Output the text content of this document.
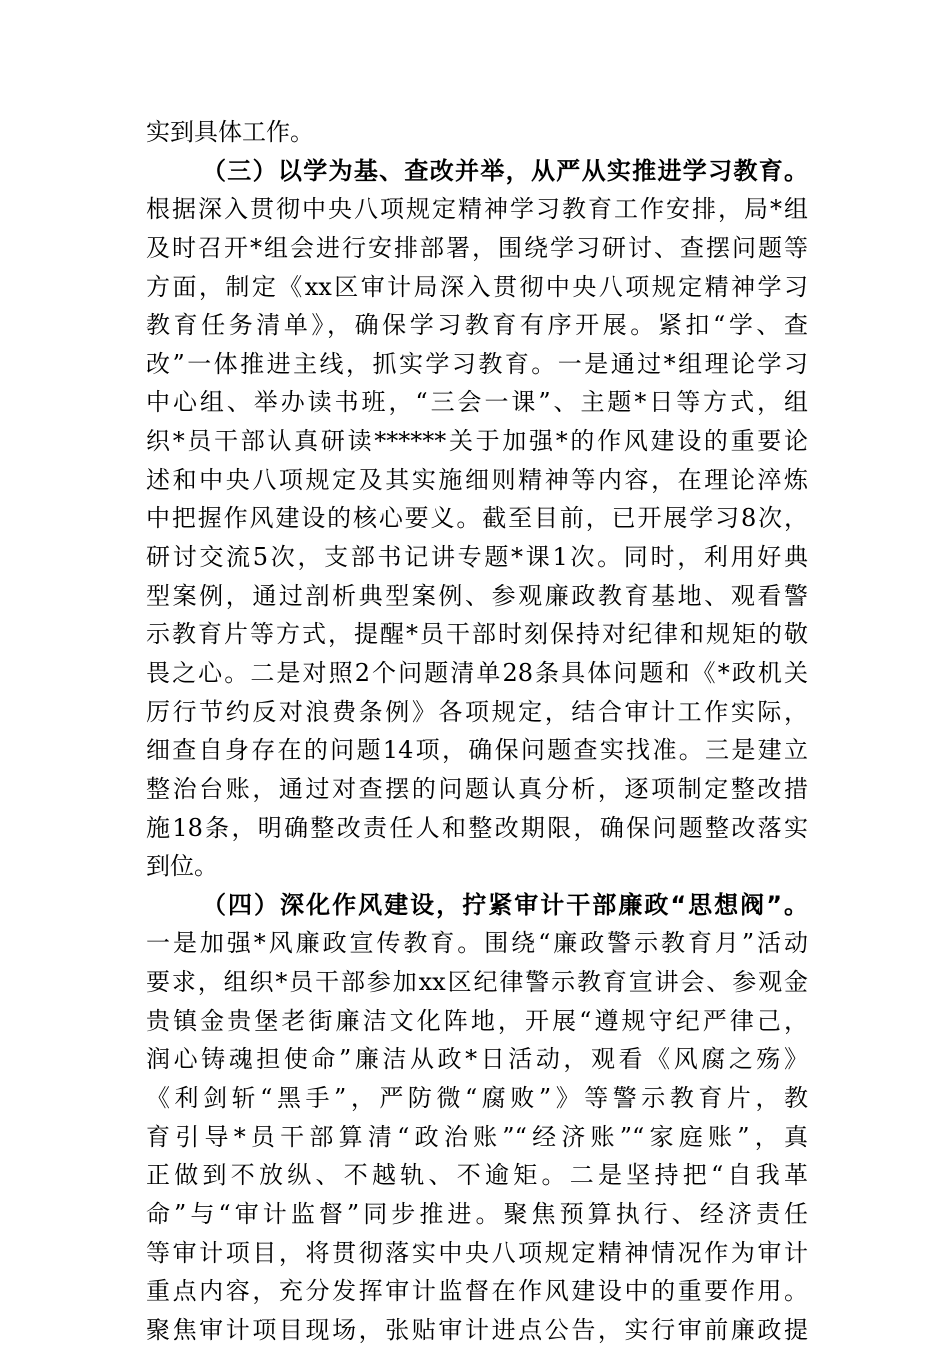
实到具体工作。
（三）以学为基、查改并举，从严从实推进学习教育。
根据深入贯彻中央八项规定精神学习教育工作安排，局*组
及时召开*组会进行安排部署，围绕学习研讨、查摆问题等
方面，制定《xx区审计局深入贯彻中央八项规定精神学习
教育任务清单》，确保学习教育有序开展。紧扣“学、查
改”一体推进主线，抓实学习教育。一是通过*组理论学习
中心组、举办读书班，“三会一课”、主题*日等方式，组
织*员干部认真研读******关于加强*的作风建设的重要论
述和中央八项规定及其实施细则精神等内容，在理论淬炼
中把握作风建设的核心要义。截至目前，已开展学习8次，
研讨交流5次，支部书记讲专题*课1次。同时，利用好典
型案例，通过剖析典型案例、参观廉政教育基地、观看警
示教育片等方式，提醒*员干部时刻保持对纪律和规矩的敬
畏之心。二是对照2个问题清单28条具体问题和《*政机关
厉行节约反对浪费条例》各项规定，结合审计工作实际，
细查自身存在的问题14项，确保问题查实找准。三是建立
整治台账，通过对查摆的问题认真分析，逐项制定整改措
施18条，明确整改责任人和整改期限，确保问题整改落实
到位。
（四）深化作风建设，拧紧审计干部廉政“思想阀”。
一是加强*风廉政宣传教育。围绕“廉政警示教育月”活动
要求，组织*员干部参加xx区纪律警示教育宣讲会、参观金
贵镇金贵堡老街廉洁文化阵地，开展“遵规守纪严律己，
润心铸魂担使命”廉洁从政*日活动，观看《风腐之殇》
《利剑斩“黑手”，严防微“腐败”》等警示教育片，教
育引导*员干部算清“政治账”“经济账”“家庭账”，真
正做到不放纵、不越轨、不逾矩。二是坚持把“自我革
命”与“审计监督”同步推进。聚焦预算执行、经济责任
等审计项目，将贯彻落实中央八项规定精神情况作为审计
重点内容，充分发挥审计监督在作风建设中的重要作用。
聚焦审计项目现场，张贴审计进点公告，实行审前廉政提
